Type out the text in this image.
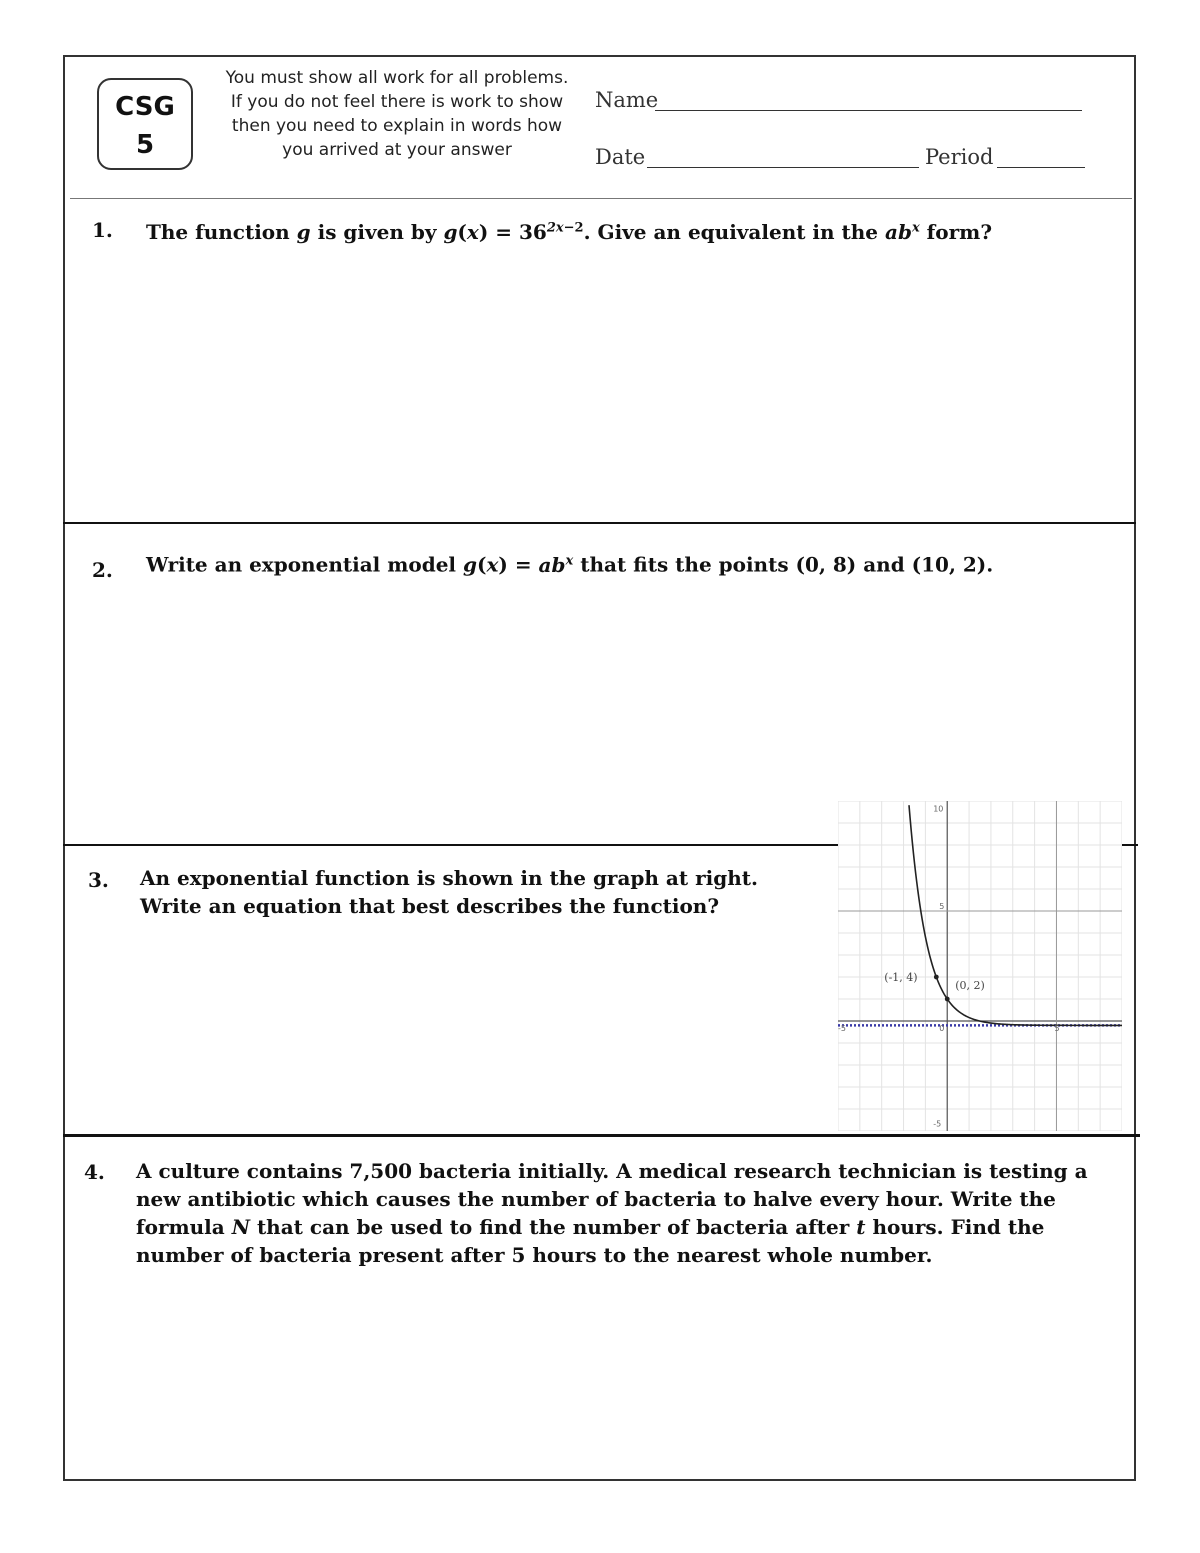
CSG
5
You must show all work for all problems. If you do not feel there is work to show then you need to explain in words how you arrived at your answer
Name
Date	Period
1. The function g is given by $g(x) = 36^{2x-2}$. Give an equivalent in the $ab^x$ form?
2. Write an exponential model $g(x) = ab^x$ that fits the points (0, 8) and (10, 2).
3. An exponential function is shown in the graph at right.
Write an equation that best describes the function?
(-1, 4)
(0, 2)
10
5
-5
-5	0	5
4. A culture contains 7,500 bacteria initially. A medical research technician is testing a new antibiotic which causes the number of bacteria to halve every hour. Write the formula N that can be used to find the number of bacteria after t hours. Find the number of bacteria present after 5 hours to the nearest whole number.
